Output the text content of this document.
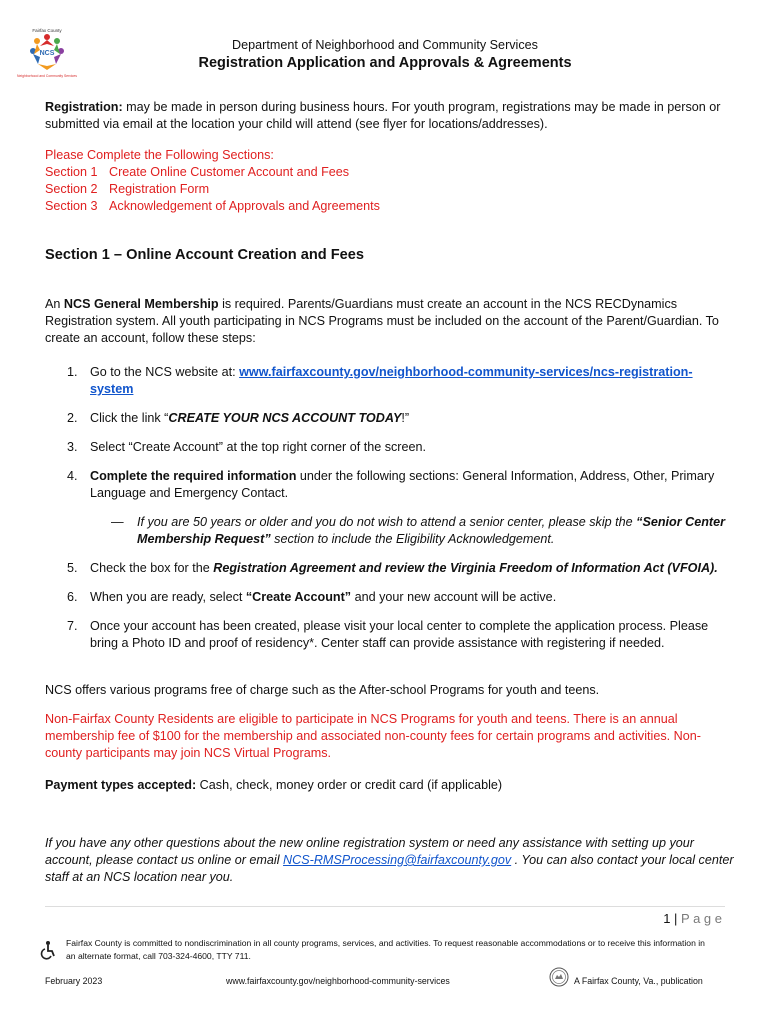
Fairfax County
NCS
Neighborhood and Community Services
Department of Neighborhood and Community Services
Registration Application and Approvals & Agreements
Registration: may be made in person during business hours. For youth program, registrations may be made in person or submitted via email at the location your child will attend (see flyer for locations/addresses).
Please Complete the Following Sections:
Section 1 Create Online Customer Account and Fees
Section 2 Registration Form
Section 3 Acknowledgement of Approvals and Agreements
Section 1 – Online Account Creation and Fees
An NCS General Membership is required. Parents/Guardians must create an account in the NCS RECDynamics Registration system. All youth participating in NCS Programs must be included on the account of the Parent/Guardian. To create an account, follow these steps:
1. Go to the NCS website at: www.fairfaxcounty.gov/neighborhood-community-services/ncs-registration-system
2. Click the link “CREATE YOUR NCS ACCOUNT TODAY!”
3. Select “Create Account” at the top right corner of the screen.
4. Complete the required information under the following sections: General Information, Address, Other, Primary Language and Emergency Contact.
— If you are 50 years or older and you do not wish to attend a senior center, please skip the “Senior Center Membership Request” section to include the Eligibility Acknowledgement.
5. Check the box for the Registration Agreement and review the Virginia Freedom of Information Act (VFOIA).
6. When you are ready, select “Create Account” and your new account will be active.
7. Once your account has been created, please visit your local center to complete the application process. Please bring a Photo ID and proof of residency*. Center staff can provide assistance with registering if needed.
NCS offers various programs free of charge such as the After-school Programs for youth and teens.
Non-Fairfax County Residents are eligible to participate in NCS Programs for youth and teens. There is an annual membership fee of $100 for the membership and associated non-county fees for certain programs and activities. Non-county participants may join NCS Virtual Programs.
Payment types accepted: Cash, check, money order or credit card (if applicable)
If you have any other questions about the new online registration system or need any assistance with setting up your account, please contact us online or email NCS-RMSProcessing@fairfaxcounty.gov . You can also contact your local center staff at an NCS location near you.
1 | P a g e
Fairfax County is committed to nondiscrimination in all county programs, services, and activities. To request reasonable accommodations or to receive this information in an alternate format, call 703-324-4600, TTY 711.
February 2023	www.fairfaxcounty.gov/neighborhood-community-services	A Fairfax County, Va., publication
